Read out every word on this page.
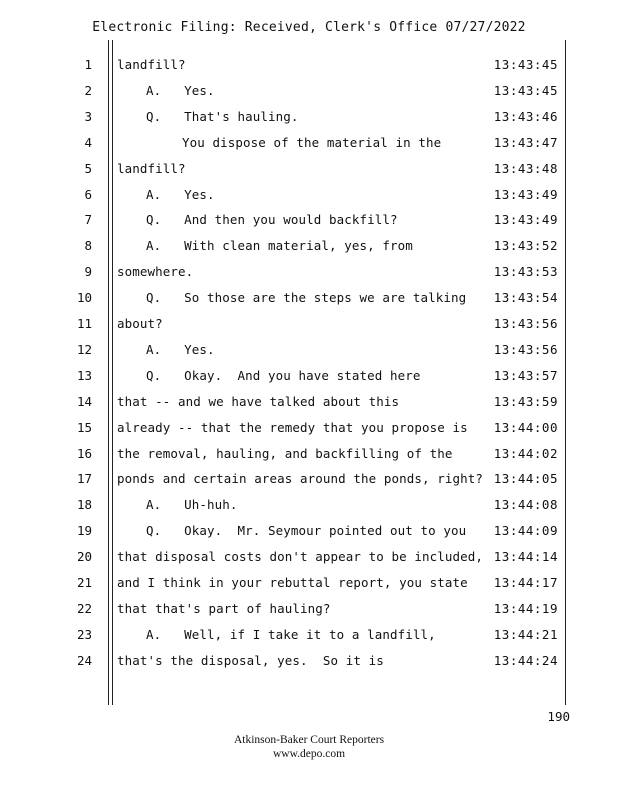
Electronic Filing: Received, Clerk's Office 07/27/2022
1 landfill?	13:43:45
2	A.   Yes.	13:43:45
3	Q.   That's hauling.	13:43:46
4	You dispose of the material in the	13:43:47
5 landfill?	13:43:48
6	A.   Yes.	13:43:49
7	Q.   And then you would backfill?	13:43:49
8	A.   With clean material, yes, from	13:43:52
9 somewhere.	13:43:53
10	Q.   So those are the steps we are talking	13:43:54
11 about?	13:43:56
12	A.   Yes.	13:43:56
13	Q.   Okay.  And you have stated here	13:43:57
14 that -- and we have talked about this	13:43:59
15 already -- that the remedy that you propose is	13:44:00
16 the removal, hauling, and backfilling of the	13:44:02
17 ponds and certain areas around the ponds, right? 13:44:05
18	A.   Uh-huh.	13:44:08
19	Q.   Okay.  Mr. Seymour pointed out to you	13:44:09
20 that disposal costs don't appear to be included, 13:44:14
21 and I think in your rebuttal report, you state	13:44:17
22 that that's part of hauling?	13:44:19
23	A.   Well, if I take it to a landfill,	13:44:21
24 that's the disposal, yes.  So it is	13:44:24
190
Atkinson-Baker Court Reporters
www.depo.com
